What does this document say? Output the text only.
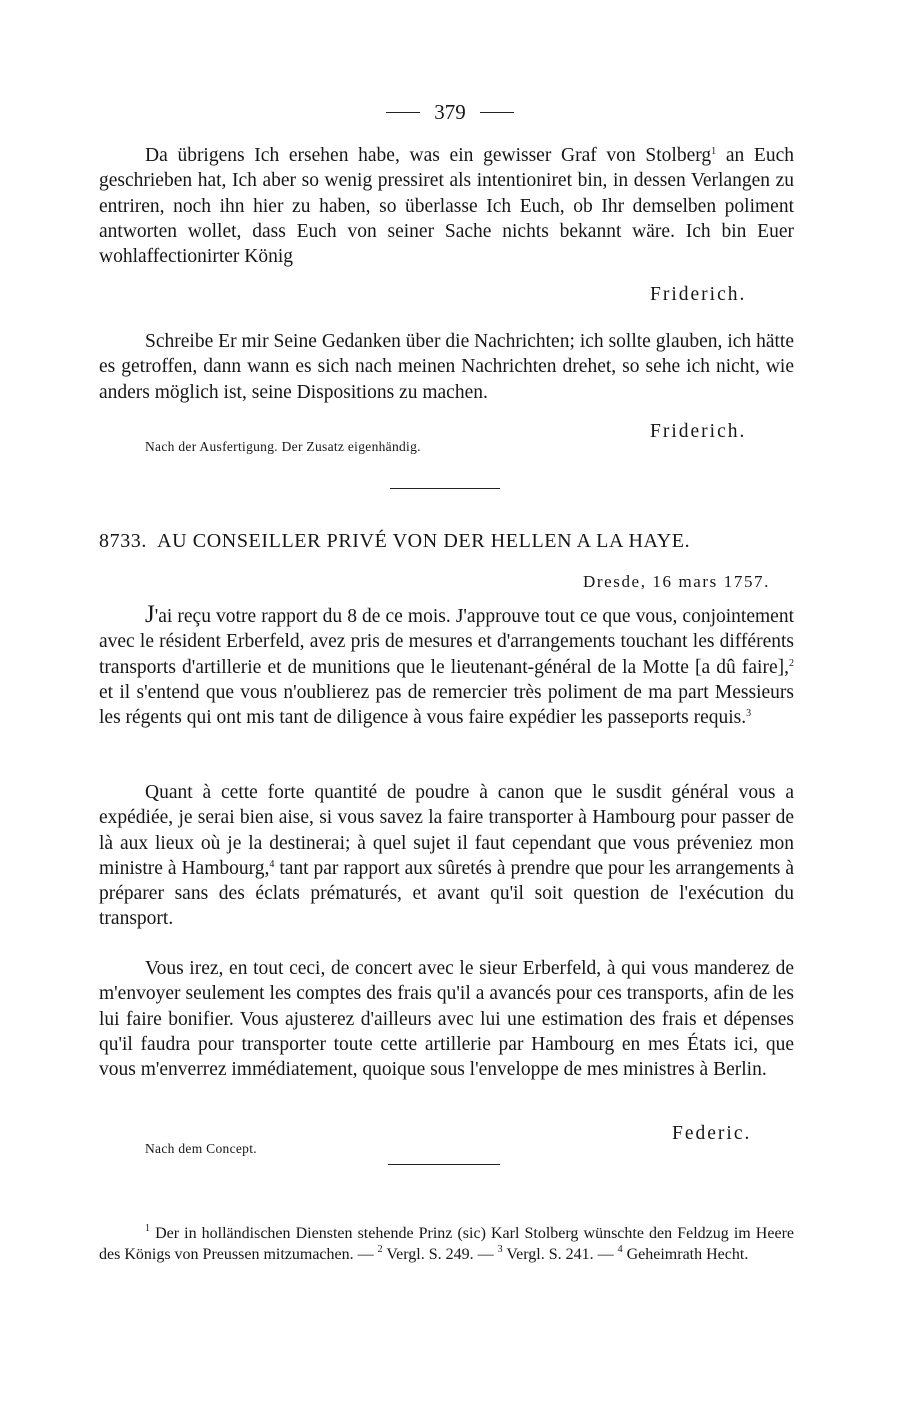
379
Da übrigens Ich ersehen habe, was ein gewisser Graf von Stolberg$^1$ an Euch geschrieben hat, Ich aber so wenig pressiret als intentioniret bin, in dessen Verlangen zu entriren, noch ihn hier zu haben, so überlasse Ich Euch, ob Ihr demselben poliment antworten wollet, dass Euch von seiner Sache nichts bekannt wäre. Ich bin Euer wohlaffectionirter König
Friderich.
Schreibe Er mir Seine Gedanken über die Nachrichten; ich sollte glauben, ich hätte es getroffen, dann wann es sich nach meinen Nachrichten drehet, so sehe ich nicht, wie anders möglich ist, seine Dispositions zu machen.
Friderich.
Nach der Ausfertigung. Der Zusatz eigenhändig.
8733. AU CONSEILLER PRIVÉ VON DER HELLEN A LA HAYE.
Dresde, 16 mars 1757.
J'ai reçu votre rapport du 8 de ce mois. J'approuve tout ce que vous, conjointement avec le résident Erberfeld, avez pris de mesures et d'arrangements touchant les différents transports d'artillerie et de munitions que le lieutenant-général de la Motte [a dû faire],$^2$ et il s'entend que vous n'oublierez pas de remercier très poliment de ma part Messieurs les régents qui ont mis tant de diligence à vous faire expédier les passeports requis.$^3$
Quant à cette forte quantité de poudre à canon que le susdit général vous a expédiée, je serai bien aise, si vous savez la faire transporter à Hambourg pour passer de là aux lieux où je la destinerai; à quel sujet il faut cependant que vous préveniez mon ministre à Hambourg,$^4$ tant par rapport aux sûretés à prendre que pour les arrangements à préparer sans des éclats prématurés, et avant qu'il soit question de l'exécution du transport.
Vous irez, en tout ceci, de concert avec le sieur Erberfeld, à qui vous manderez de m'envoyer seulement les comptes des frais qu'il a avancés pour ces transports, afin de les lui faire bonifier. Vous ajusterez d'ailleurs avec lui une estimation des frais et dépenses qu'il faudra pour transporter toute cette artillerie par Hambourg en mes États ici, que vous m'enverrez immédiatement, quoique sous l'enveloppe de mes ministres à Berlin.
Federic.
Nach dem Concept.
$^1$ Der in holländischen Diensten stehende Prinz (sic) Karl Stolberg wünschte den Feldzug im Heere des Königs von Preussen mitzumachen. — $^2$ Vergl. S. 249. — $^3$ Vergl. S. 241. — $^4$ Geheimrath Hecht.
